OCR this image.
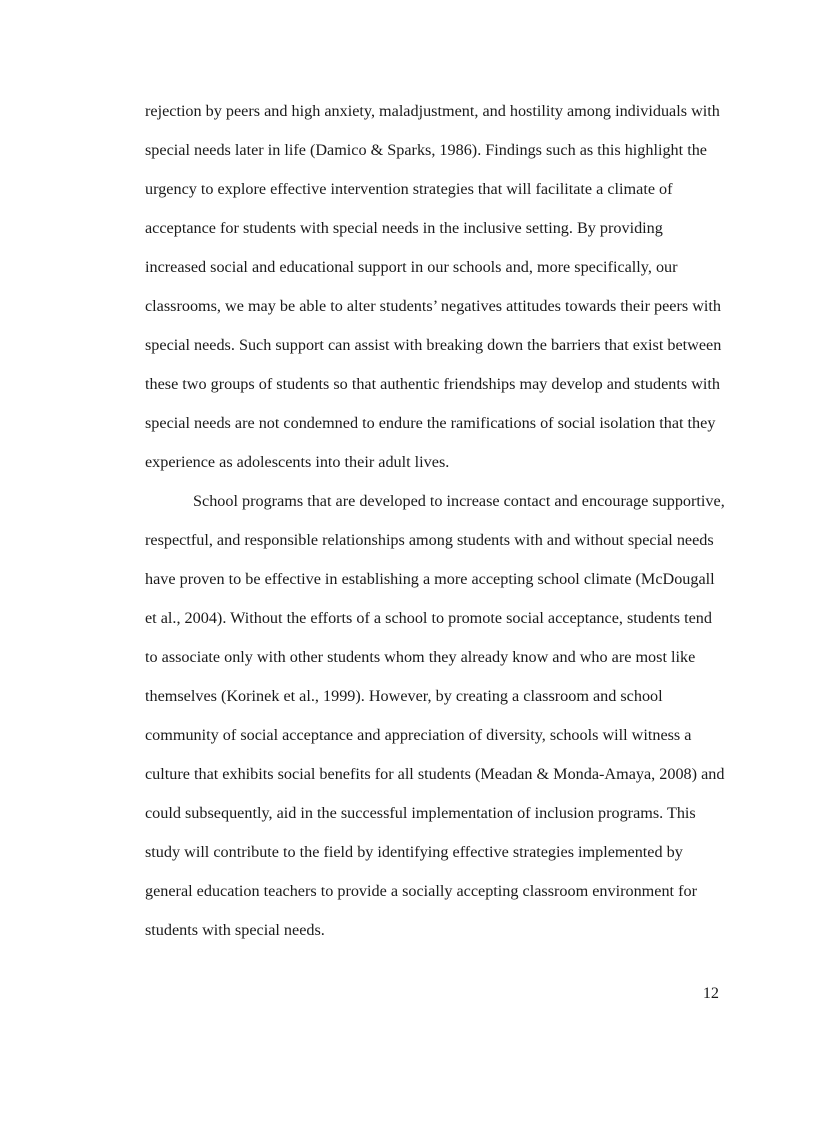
rejection by peers and high anxiety, maladjustment, and hostility among individuals with

special needs later in life (Damico & Sparks, 1986). Findings such as this highlight the

urgency to explore effective intervention strategies that will facilitate a climate of

acceptance for students with special needs in the inclusive setting. By providing

increased social and educational support in our schools and, more specifically, our

classrooms, we may be able to alter students’ negatives attitudes towards their peers with

special needs. Such support can assist with breaking down the barriers that exist between

these two groups of students so that authentic friendships may develop and students with

special needs are not condemned to endure the ramifications of social isolation that they

experience as adolescents into their adult lives.

School programs that are developed to increase contact and encourage supportive,

respectful, and responsible relationships among students with and without special needs

have proven to be effective in establishing a more accepting school climate (McDougall

et al., 2004). Without the efforts of a school to promote social acceptance, students tend

to associate only with other students whom they already know and who are most like

themselves (Korinek et al., 1999). However, by creating a classroom and school

community of social acceptance and appreciation of diversity, schools will witness a

culture that exhibits social benefits for all students (Meadan & Monda-Amaya, 2008) and

could subsequently, aid in the successful implementation of inclusion programs. This

study will contribute to the field by identifying effective strategies implemented by

general education teachers to provide a socially accepting classroom environment for

students with special needs.

12
